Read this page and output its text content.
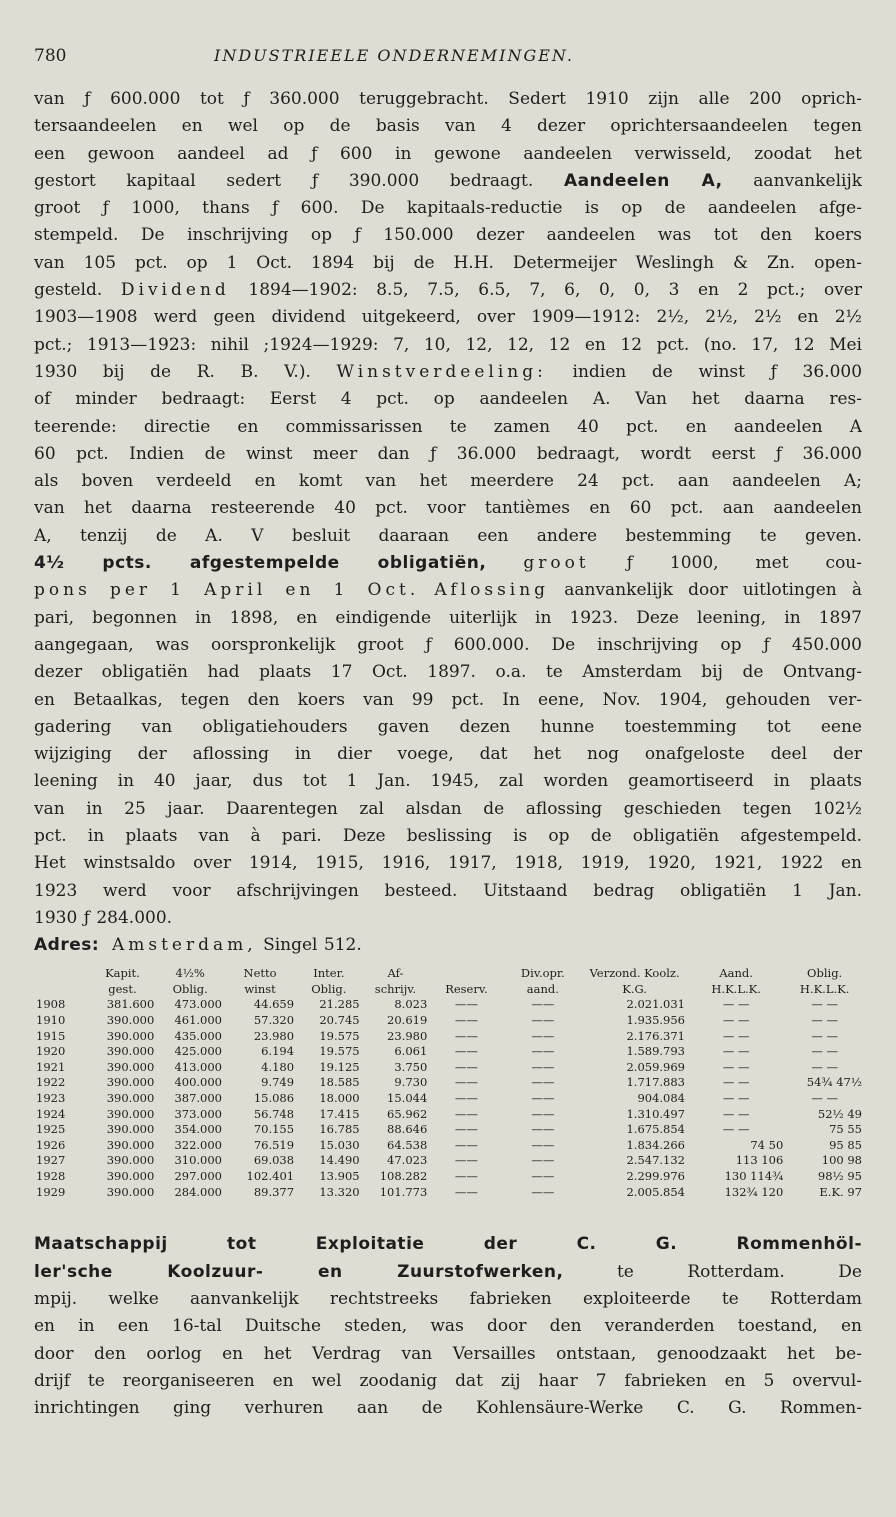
780	INDUSTRIEELE ONDERNEMINGEN.

van ƒ 600.000 tot ƒ 360.000 teruggebracht. Sedert 1910 zijn alle 200 oprich-
tersaandeelen en wel op de basis van 4 dezer oprichtersaandeelen tegen
een gewoon aandeel ad ƒ 600 in gewone aandeelen verwisseld, zoodat het
gestort kapitaal sedert ƒ 390.000 bedraagt. Aandeelen A, aanvankelijk
groot ƒ 1000, thans ƒ 600. De kapitaals-reductie is op de aandeelen afge-
stempeld. De inschrijving op ƒ 150.000 dezer aandeelen was tot den koers
van 105 pct. op 1 Oct. 1894 bij de H.H. Determeijer Weslingh & Zn. open-
gesteld. Dividend 1894—1902: 8.5, 7.5, 6.5, 7, 6, 0, 0, 3 en 2 pct.; over
1903—1908 werd geen dividend uitgekeerd, over 1909—1912: 2½, 2½, 2½ en 2½
pct.; 1913—1923: nihil ;1924—1929: 7, 10, 12, 12, 12 en 12 pct. (no. 17, 12 Mei
1930 bij de R. B. V.). Winstverdeeling: indien de winst ƒ 36.000
of minder bedraagt: Eerst 4 pct. op aandeelen A. Van het daarna res-
teerende: directie en commissarissen te zamen 40 pct. en aandeelen A
60 pct. Indien de winst meer dan ƒ 36.000 bedraagt, wordt eerst ƒ 36.000
als boven verdeeld en komt van het meerdere 24 pct. aan aandeelen A;
van het daarna resteerende 40 pct. voor tantièmes en 60 pct. aan aandeelen
A, tenzij de A. V besluit daaraan een andere bestemming te geven.
4½ pcts. afgestempelde obligatiën, groot ƒ 1000, met cou-
pons per 1 April en 1 Oct. Aflossing aanvankelijk door uitlotingen à
pari, begonnen in 1898, en eindigende uiterlijk in 1923. Deze leening, in 1897
aangegaan, was oorspronkelijk groot ƒ 600.000. De inschrijving op ƒ 450.000
dezer obligatiën had plaats 17 Oct. 1897. o.a. te Amsterdam bij de Ontvang-
en Betaalkas, tegen den koers van 99 pct. In eene, Nov. 1904, gehouden ver-
gadering van obligatiehouders gaven dezen hunne toestemming tot eene
wijziging der aflossing in dier voege, dat het nog onafgeloste deel der
leening in 40 jaar, dus tot 1 Jan. 1945, zal worden geamortiseerd in plaats
van in 25 jaar. Daarentegen zal alsdan de aflossing geschieden tegen 102½
pct. in plaats van à pari. Deze beslissing is op de obligatiën afgestempeld.
Het winstsaldo over 1914, 1915, 1916, 1917, 1918, 1919, 1920, 1921, 1922 en
1923 werd voor afschrijvingen besteed. Uitstaand bedrag obligatiën 1 Jan.
1930 ƒ 284.000.
Adres: Amsterdam, Singel 512.

	Kapit.	4½%	Netto	Inter.	Af-		Div.opr.	Verzond. Koolz.	Aand.	Oblig.
	gest.	Oblig.	winst	Oblig.	schrijv.	Reserv.	aand.	K.G.	H.K.L.K.	H.K.L.K.
1908	381.600	473.000	44.659	21.285	8.023	——	——	2.021.031	— —	— —
1910	390.000	461.000	57.320	20.745	20.619	——	——	1.935.956	— —	— —
1915	390.000	435.000	23.980	19.575	23.980	——	——	2.176.371	— —	— —
1920	390.000	425.000	6.194	19.575	6.061	——	——	1.589.793	— —	— —
1921	390.000	413.000	4.180	19.125	3.750	——	——	2.059.969	— —	— —
1922	390.000	400.000	9.749	18.585	9.730	——	——	1.717.883	— —	54¾ 47½
1923	390.000	387.000	15.086	18.000	15.044	——	——	904.084	— —	— —
1924	390.000	373.000	56.748	17.415	65.962	——	——	1.310.497	— —	52½ 49
1925	390.000	354.000	70.155	16.785	88.646	——	——	1.675.854	— —	75 55
1926	390.000	322.000	76.519	15.030	64.538	——	——	1.834.266	74 50	95 85
1927	390.000	310.000	69.038	14.490	47.023	——	——	2.547.132	113 106	100 98
1928	390.000	297.000	102.401	13.905	108.282	——	——	2.299.976	130 114¾	98½ 95
1929	390.000	284.000	89.377	13.320	101.773	——	——	2.005.854	132¾ 120	E.K. 97

Maatschappij tot Exploitatie der C. G. Rommenhöl-
ler'sche Koolzuur- en Zuurstofwerken,	te Rotterdam. De
mpij. welke aanvankelijk rechtstreeks fabrieken exploiteerde te Rotterdam
en in een 16-tal Duitsche steden, was door den veranderden toestand, en
door den oorlog en het Verdrag van Versailles ontstaan, genoodzaakt het be-
drijf te reorganiseeren en wel zoodanig dat zij haar 7 fabrieken en 5 overvul-
inrichtingen ging verhuren aan de Kohlensäure-Werke C. G. Rommen-
